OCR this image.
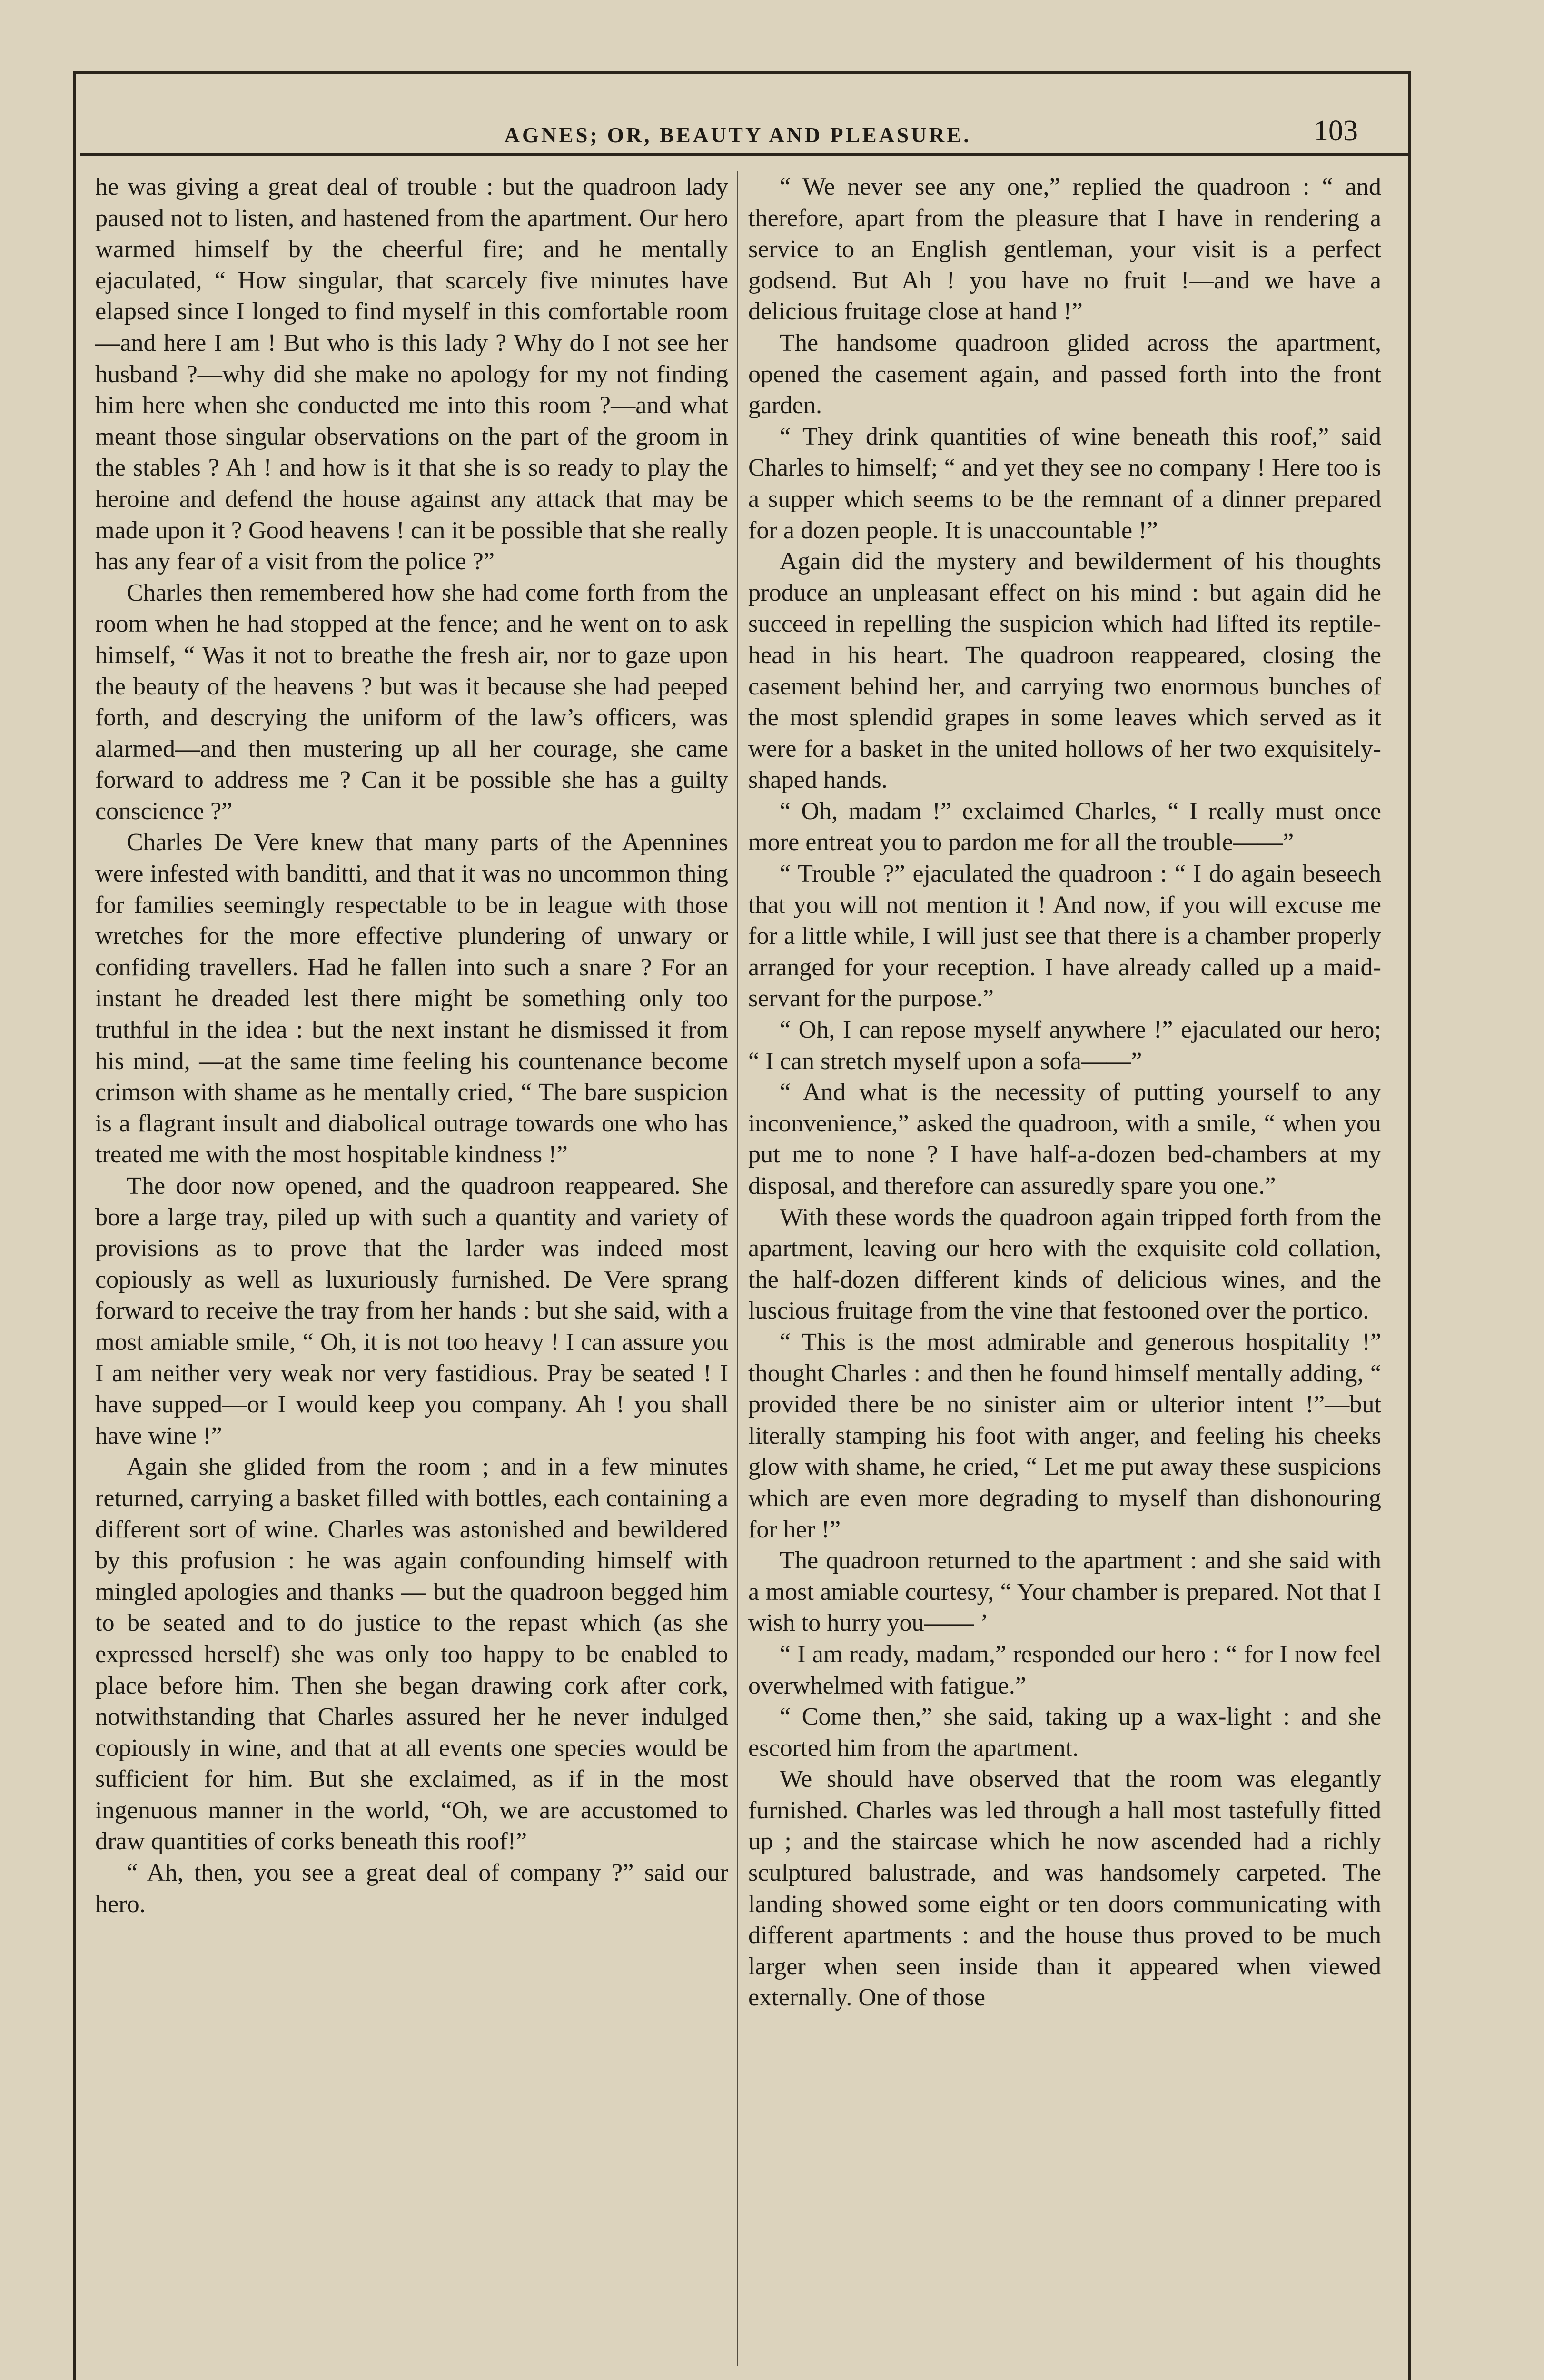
AGNES; OR, BEAUTY AND PLEASURE.	103

he was giving a great deal of trouble : but the quadroon lady paused not to listen, and hastened from the apartment. Our hero warmed himself by the cheerful fire; and he mentally ejaculated, “ How singular, that scarcely five minutes have elapsed since I longed to find myself in this comfortable room—and here I am ! But who is this lady ? Why do I not see her husband ?—why did she make no apology for my not finding him here when she conducted me into this room ?—and what meant those singular observations on the part of the groom in the stables ? Ah ! and how is it that she is so ready to play the heroine and defend the house against any attack that may be made upon it ? Good heavens ! can it be possible that she really has any fear of a visit from the police ?”

Charles then remembered how she had come forth from the room when he had stopped at the fence; and he went on to ask himself, “ Was it not to breathe the fresh air, nor to gaze upon the beauty of the heavens ? but was it because she had peeped forth, and descrying the uniform of the law’s officers, was alarmed—and then mustering up all her courage, she came forward to address me ? Can it be possible she has a guilty conscience ?”

Charles De Vere knew that many parts of the Apennines were infested with banditti, and that it was no uncommon thing for families seemingly respectable to be in league with those wretches for the more effective plundering of unwary or confiding travellers. Had he fallen into such a snare ? For an instant he dreaded lest there might be something only too truthful in the idea : but the next instant he dismissed it from his mind, —at the same time feeling his countenance become crimson with shame as he mentally cried, “ The bare suspicion is a flagrant insult and diabolical outrage towards one who has treated me with the most hospitable kindness !”

The door now opened, and the quadroon reappeared. She bore a large tray, piled up with such a quantity and variety of provisions as to prove that the larder was indeed most copiously as well as luxuriously furnished. De Vere sprang forward to receive the tray from her hands : but she said, with a most amiable smile, “ Oh, it is not too heavy ! I can assure you I am neither very weak nor very fastidious. Pray be seated ! I have supped—or I would keep you company. Ah ! you shall have wine !”

Again she glided from the room ; and in a few minutes returned, carrying a basket filled with bottles, each containing a different sort of wine. Charles was astonished and bewildered by this profusion : he was again confounding himself with mingled apologies and thanks — but the quadroon begged him to be seated and to do justice to the repast which (as she expressed herself) she was only too happy to be enabled to place before him. Then she began drawing cork after cork, notwithstanding that Charles assured her he never indulged copiously in wine, and that at all events one species would be sufficient for him. But she exclaimed, as if in the most ingenuous manner in the world, “Oh, we are accustomed to draw quantities of corks beneath this roof!”

“ Ah, then, you see a great deal of company ?” said our hero.

“ We never see any one,” replied the quadroon : “ and therefore, apart from the pleasure that I have in rendering a service to an English gentleman, your visit is a perfect godsend. But Ah ! you have no fruit !—and we have a delicious fruitage close at hand !”

The handsome quadroon glided across the apartment, opened the casement again, and passed forth into the front garden.

“ They drink quantities of wine beneath this roof,” said Charles to himself; “ and yet they see no company ! Here too is a supper which seems to be the remnant of a dinner prepared for a dozen people. It is unaccountable !”

Again did the mystery and bewilderment of his thoughts produce an unpleasant effect on his mind : but again did he succeed in repelling the suspicion which had lifted its reptile-head in his heart. The quadroon reappeared, closing the casement behind her, and carrying two enormous bunches of the most splendid grapes in some leaves which served as it were for a basket in the united hollows of her two exquisitely-shaped hands.

“ Oh, madam !” exclaimed Charles, “ I really must once more entreat you to pardon me for all the trouble——”

“ Trouble ?” ejaculated the quadroon : “ I do again beseech that you will not mention it ! And now, if you will excuse me for a little while, I will just see that there is a chamber properly arranged for your reception. I have already called up a maid-servant for the purpose.”

“ Oh, I can repose myself anywhere !” ejaculated our hero; “ I can stretch myself upon a sofa——”

“ And what is the necessity of putting yourself to any inconvenience,” asked the quadroon, with a smile, “ when you put me to none ? I have half-a-dozen bed-chambers at my disposal, and therefore can assuredly spare you one.”

With these words the quadroon again tripped forth from the apartment, leaving our hero with the exquisite cold collation, the half-dozen different kinds of delicious wines, and the luscious fruitage from the vine that festooned over the portico.

“ This is the most admirable and generous hospitality !” thought Charles : and then he found himself mentally adding, “ provided there be no sinister aim or ulterior intent !”—but literally stamping his foot with anger, and feeling his cheeks glow with shame, he cried, “ Let me put away these suspicions which are even more degrading to myself than dishonouring for her !”

The quadroon returned to the apartment : and she said with a most amiable courtesy, “ Your chamber is prepared. Not that I wish to hurry you—— ’

“ I am ready, madam,” responded our hero : “ for I now feel overwhelmed with fatigue.”

“ Come then,” she said, taking up a wax-light : and she escorted him from the apartment.

We should have observed that the room was elegantly furnished. Charles was led through a hall most tastefully fitted up ; and the staircase which he now ascended had a richly sculptured balustrade, and was handsomely carpeted. The landing showed some eight or ten doors communicating with different apartments : and the house thus proved to be much larger when seen inside than it appeared when viewed externally. One of those
